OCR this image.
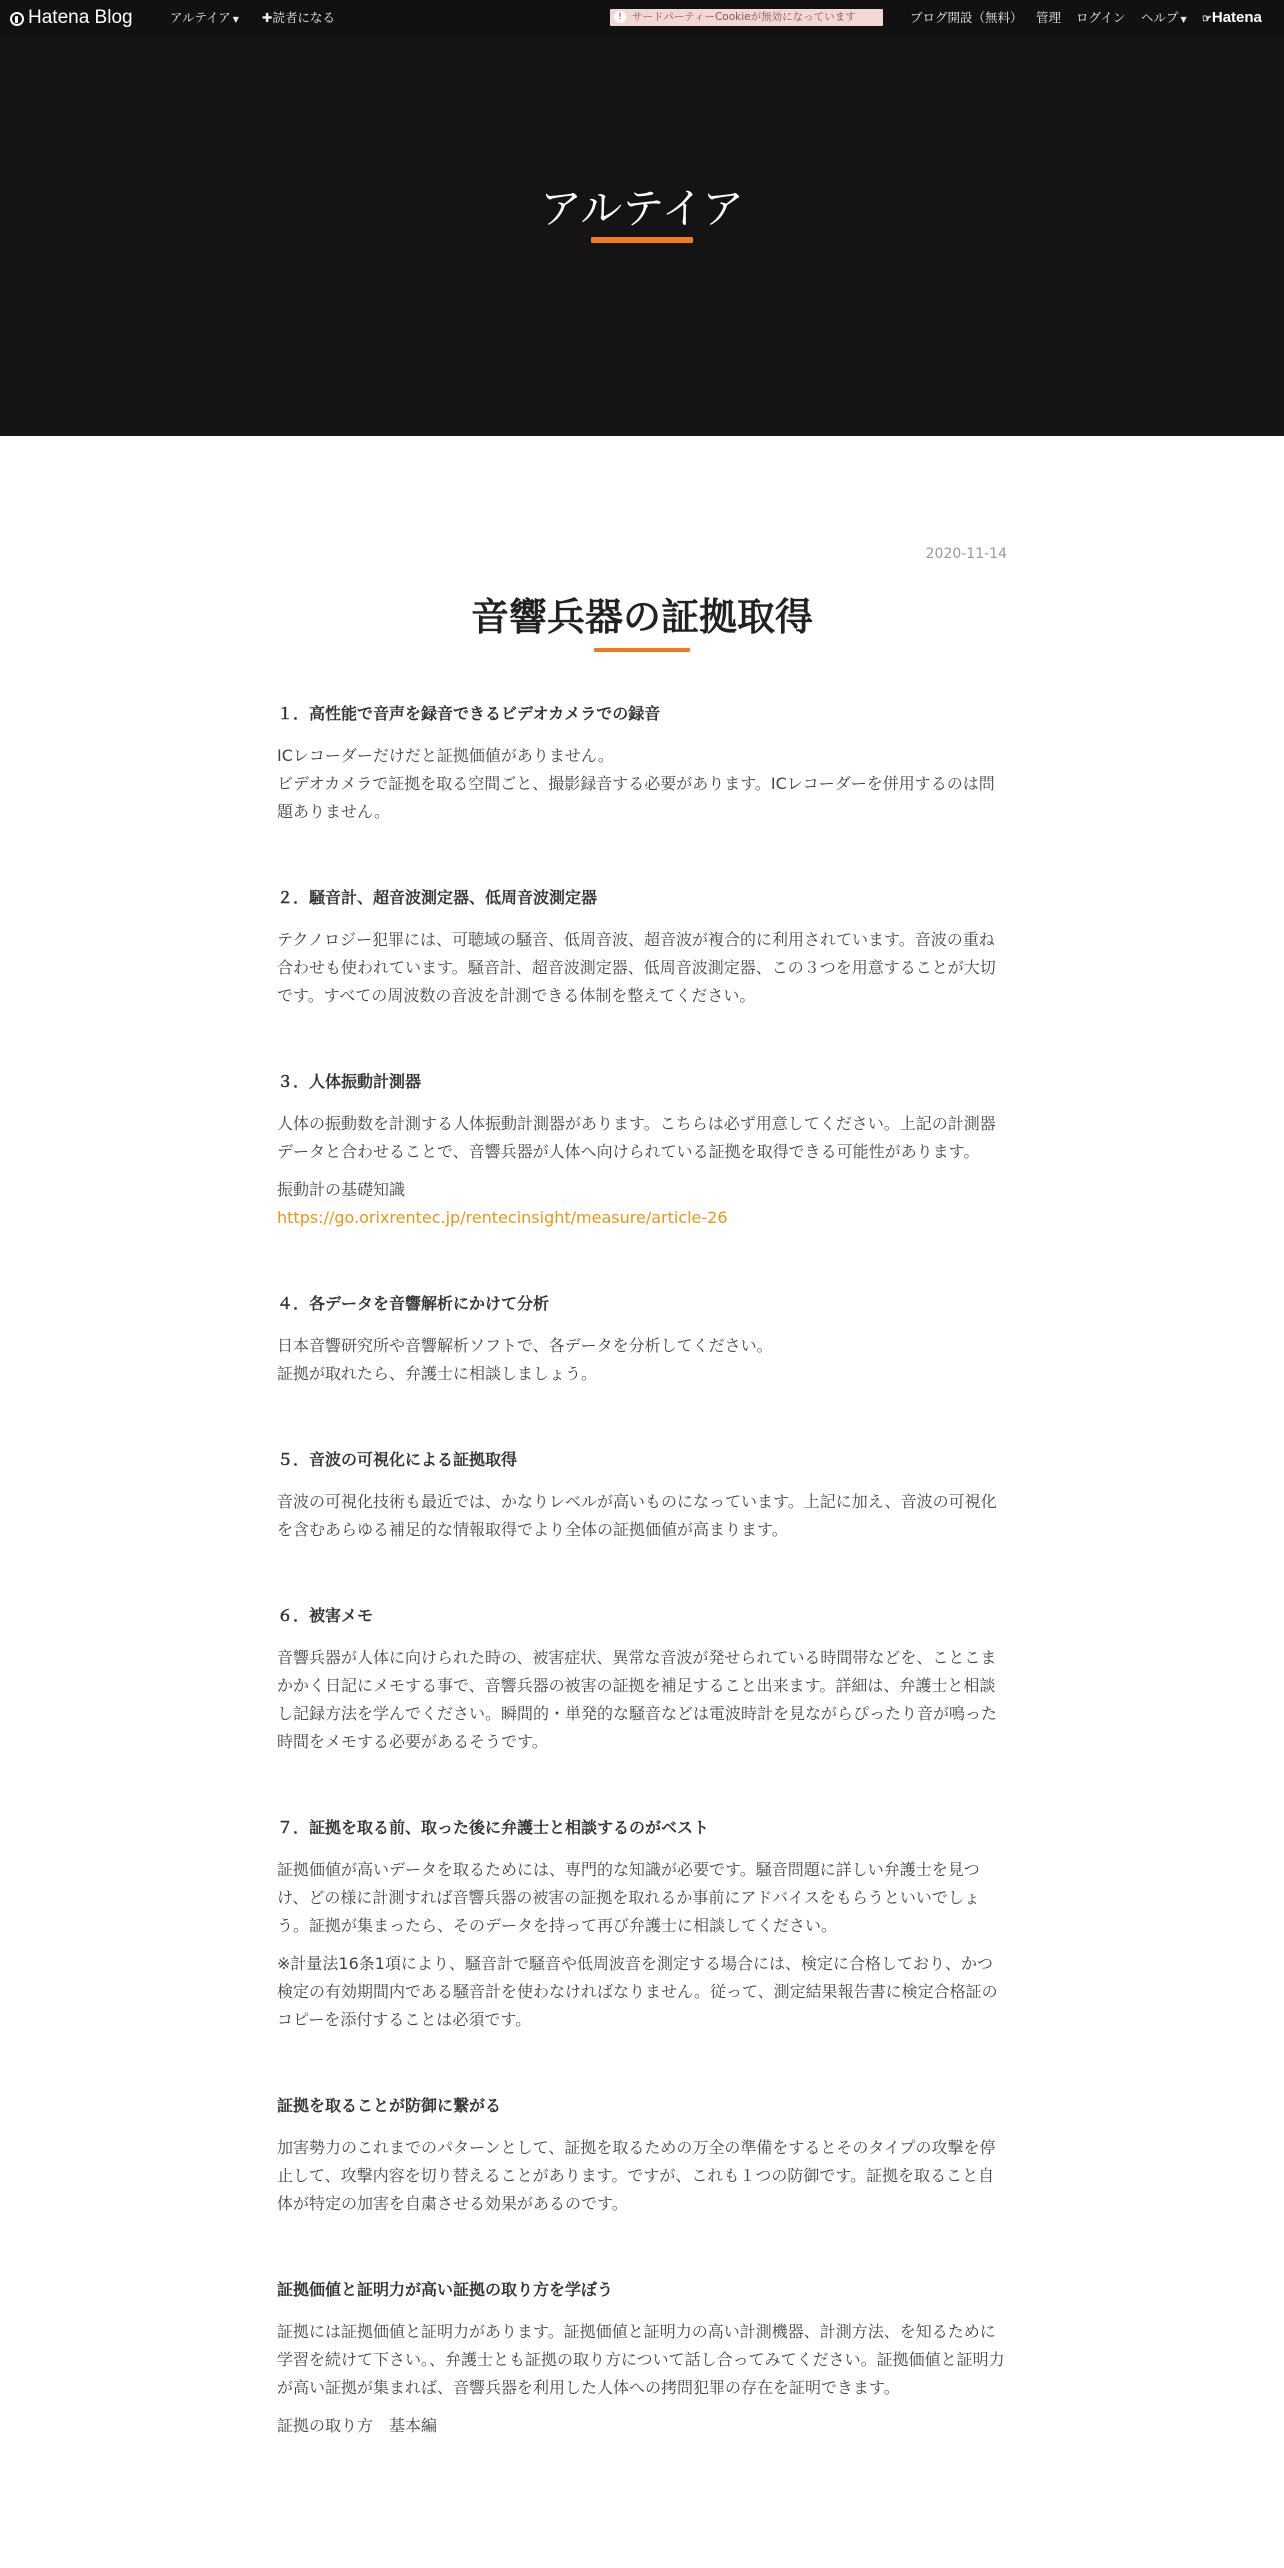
Hatena Blog	アルテイア ▼ ✚読者になる	! サードパーティーCookieが無効になっています	ブログ開設（無料） 管理 ログイン ヘルプ ▼ ☞Hatena
アルテイア
2020-11-14
音響兵器の証拠取得
１．高性能で音声を録音できるビデオカメラでの録音

ICレコーダーだけだと証拠価値がありません。
ビデオカメラで証拠を取る空間ごと、撮影録音する必要があります。ICレコーダーを併用するのは問題ありません。

２．騒音計、超音波測定器、低周音波測定器

テクノロジー犯罪には、可聴域の騒音、低周音波、超音波が複合的に利用されています。音波の重ね合わせも使われています。騒音計、超音波測定器、低周音波測定器、この３つを用意することが大切です。すべての周波数の音波を計測できる体制を整えてください。

３．人体振動計測器

人体の振動数を計測する人体振動計測器があります。こちらは必ず用意してください。上記の計測器データと合わせることで、音響兵器が人体へ向けられている証拠を取得できる可能性があります。

振動計の基礎知識
https://go.orixrentec.jp/rentecinsight/measure/article-26

４．各データを音響解析にかけて分析

日本音響研究所や音響解析ソフトで、各データを分析してください。
証拠が取れたら、弁護士に相談しましょう。

５．音波の可視化による証拠取得

音波の可視化技術も最近では、かなりレベルが高いものになっています。上記に加え、音波の可視化を含むあらゆる補足的な情報取得でより全体の証拠価値が高まります。

６．被害メモ

音響兵器が人体に向けられた時の、被害症状、異常な音波が発せられている時間帯などを、ことこまかかく日記にメモする事で、音響兵器の被害の証拠を補足すること出来ます。詳細は、弁護士と相談し記録方法を学んでください。瞬間的・単発的な騒音などは電波時計を見ながらぴったり音が鳴った時間をメモする必要があるそうです。

７．証拠を取る前、取った後に弁護士と相談するのがベスト

証拠価値が高いデータを取るためには、専門的な知識が必要です。騒音問題に詳しい弁護士を見つけ、どの様に計測すれば音響兵器の被害の証拠を取れるか事前にアドバイスをもらうといいでしょう。証拠が集まったら、そのデータを持って再び弁護士に相談してください。

※計量法16条1項により、騒音計で騒音や低周波音を測定する場合には、検定に合格しており、かつ検定の有効期間内である騒音計を使わなければなりません。従って、測定結果報告書に検定合格証のコピーを添付することは必須です。

証拠を取ることが防御に繋がる

加害勢力のこれまでのパターンとして、証拠を取るための万全の準備をするとそのタイプの攻撃を停止して、攻撃内容を切り替えることがあります。ですが、これも１つの防御です。証拠を取ること自体が特定の加害を自粛させる効果があるのです。

証拠価値と証明力が高い証拠の取り方を学ぼう

証拠には証拠価値と証明力があります。証拠価値と証明力の高い計測機器、計測方法、を知るために学習を続けて下さい。、弁護士とも証拠の取り方について話し合ってみてください。証拠価値と証明力が高い証拠が集まれば、音響兵器を利用した人体への拷問犯罪の存在を証明できます。

証拠の取り方　基本編
